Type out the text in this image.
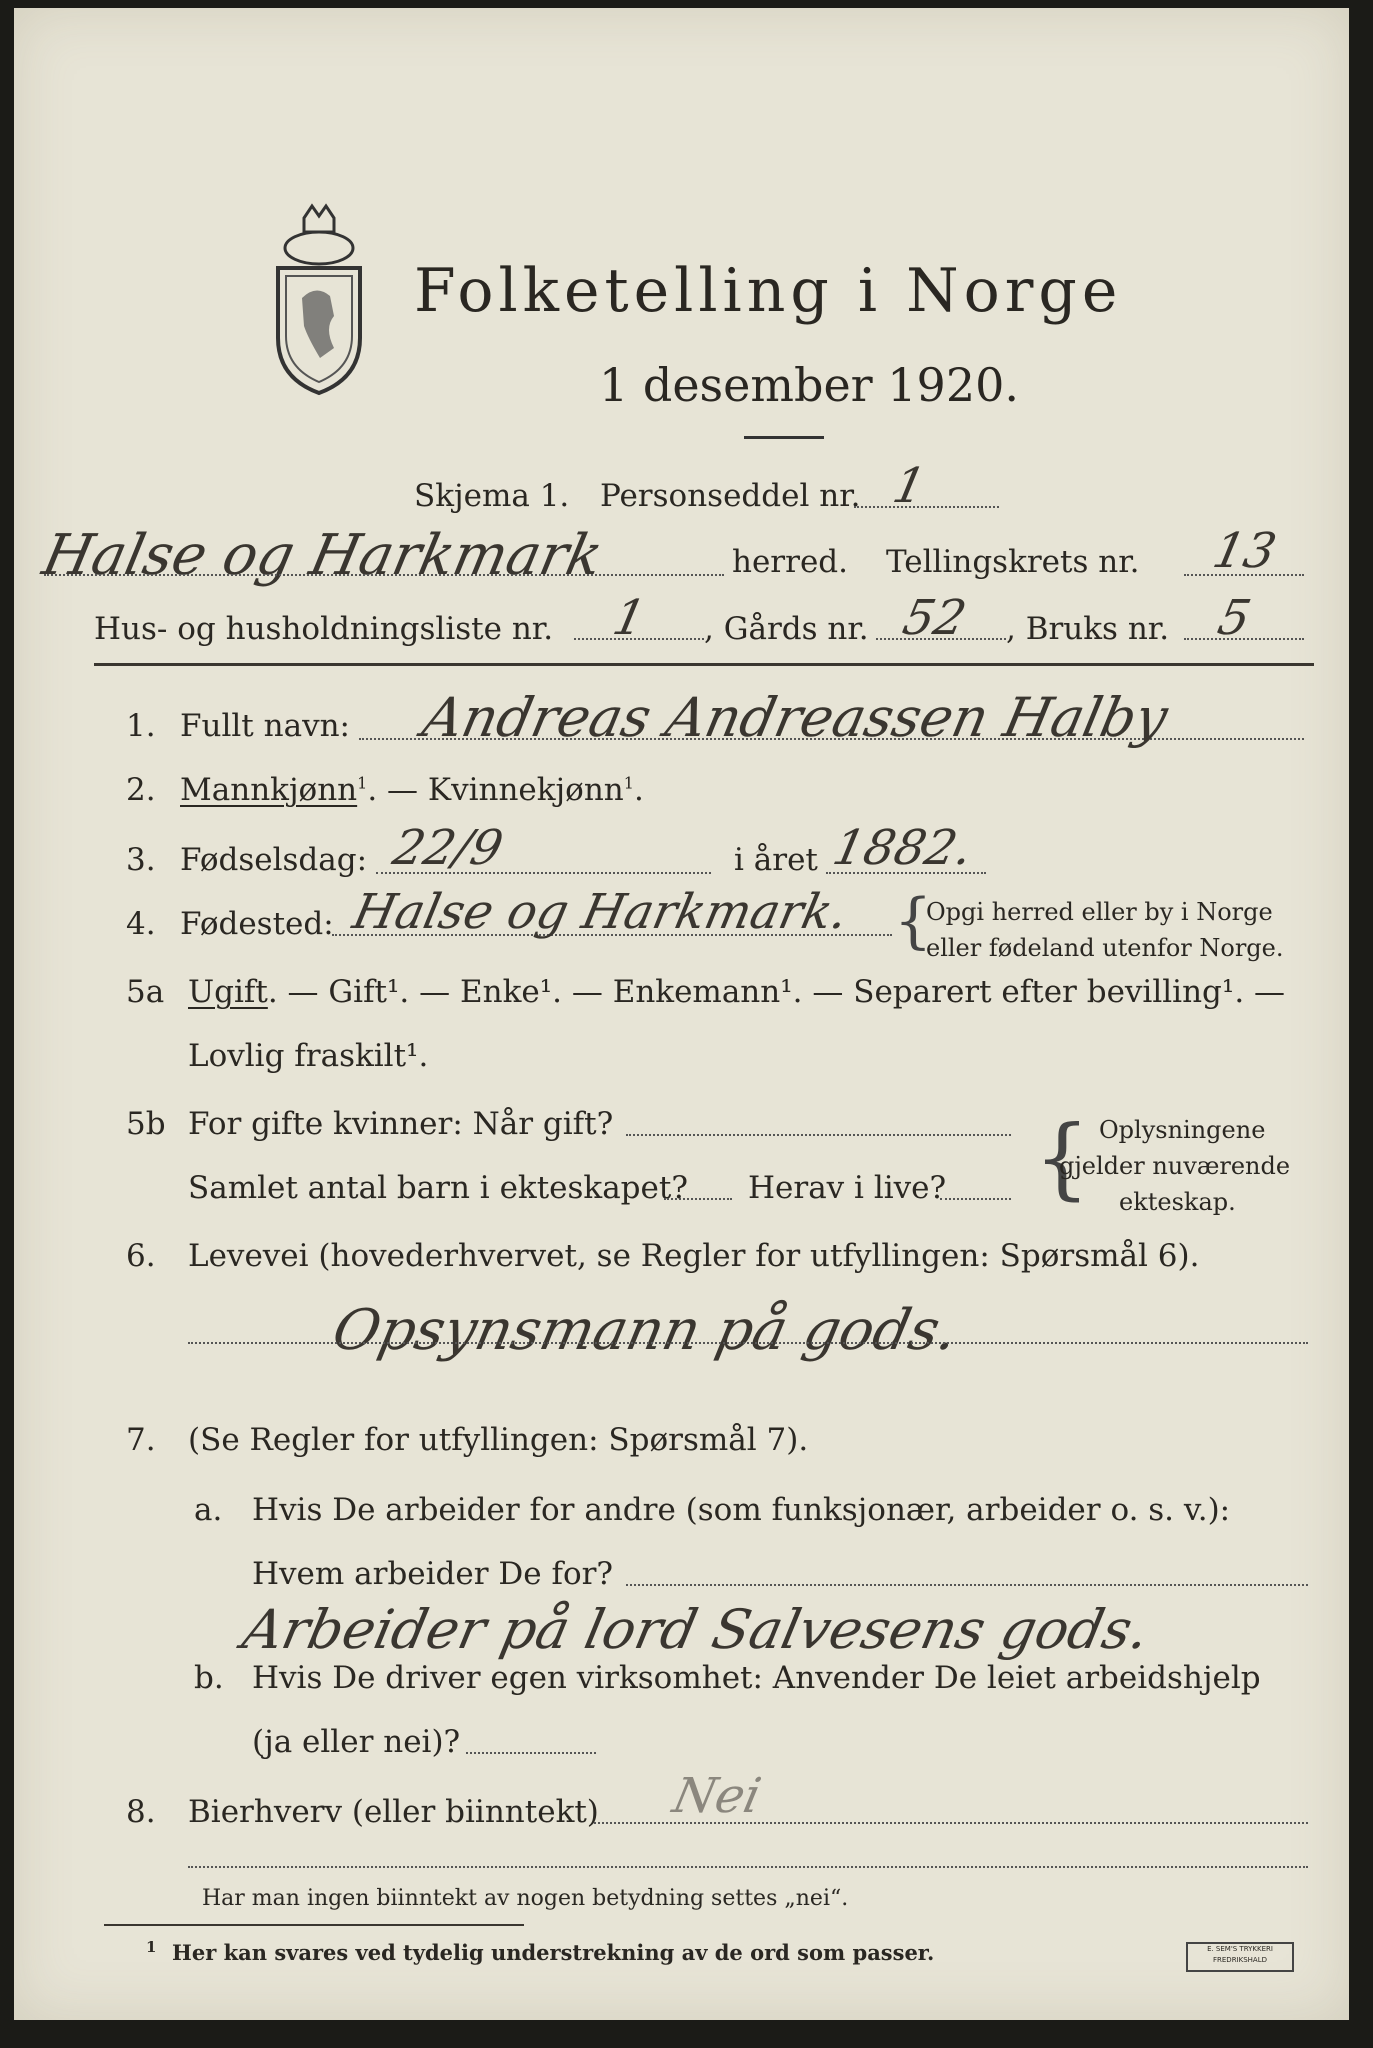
Folketelling i Norge
1 desember 1920.
Skjema 1. Personseddel nr. 1
Halse og Harkmark	herred. Tellingskrets nr. 13
Hus- og husholdningsliste nr. 1 , Gårds nr. 52 , Bruks nr. 5
1. Fullt navn: Andreas Andreassen Halby
2. Mannkjønn$^1$. — Kvinnekjønn$^1$.
3. Fødselsdag: 22/9	i året 1882.
4. Fødested: Halse og Harkmark. {
Opgi herred eller by i Norge
eller fødeland utenfor Norge.
5a Ugift. — Gift¹. — Enke¹. — Enkemann¹. — Separert efter bevilling¹. —
Lovlig fraskilt¹.
5b For gifte kvinner: Når gift?
Samlet antal barn i ekteskapet? Herav i live? { Oplysningene
gjelder nuværende
ekteskap.
6. Levevei (hovederhvervet, se Regler for utfyllingen: Spørsmål 6).
Opsynsmann på gods.
7. (Se Regler for utfyllingen: Spørsmål 7).
a. Hvis De arbeider for andre (som funksjonær, arbeider o. s. v.):
Hvem arbeider De for?
Arbeider på lord Salvesens gods.
b. Hvis De driver egen virksomhet: Anvender De leiet arbeidshjelp
(ja eller nei)?
8. Bierhverv (eller biinntekt) Nei
Har man ingen biinntekt av nogen betydning settes „nei“.
1 Her kan svares ved tydelig understrekning av de ord som passer.	E. SEM'S TRYKKERI
FREDRIKSHALD
